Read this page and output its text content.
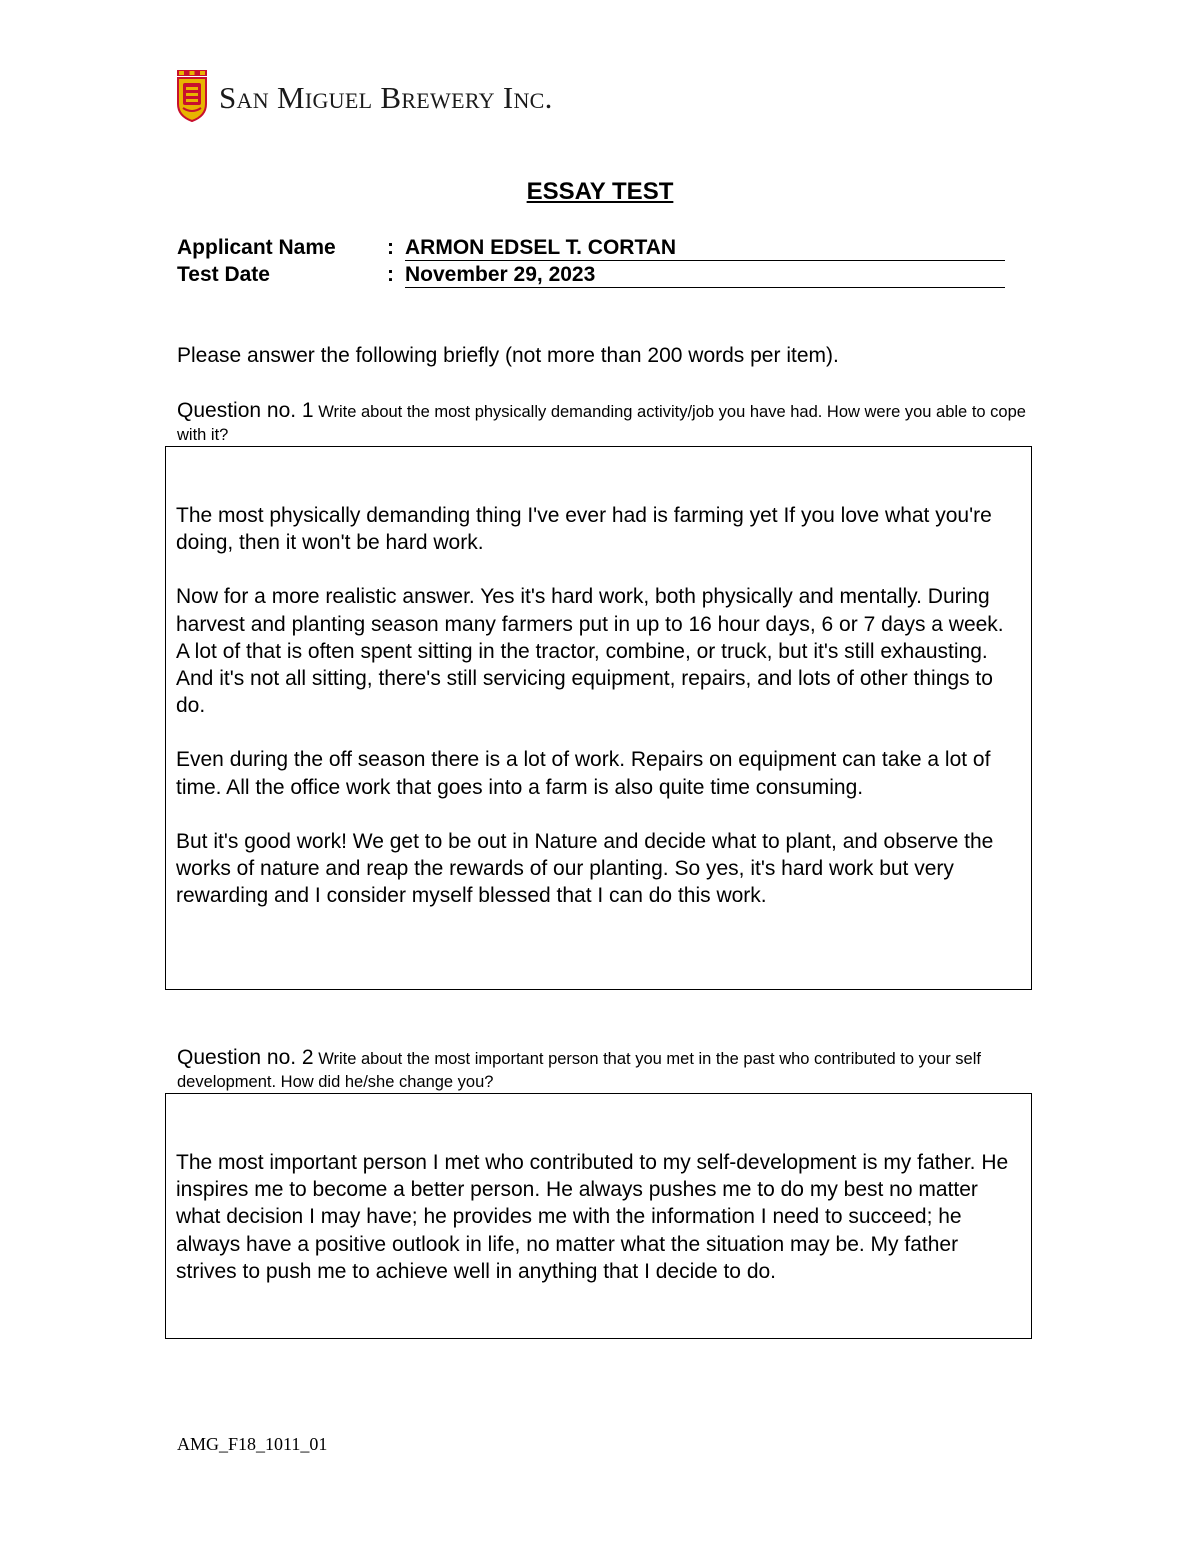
San Miguel Brewery Inc.
ESSAY TEST
Applicant Name : ARMON EDSEL T. CORTAN
Test Date	: November 29, 2023
Please answer the following briefly (not more than 200 words per item).
Question no. 1 Write about the most physically demanding activity/job you have had. How were you able to cope with it?

The most physically demanding thing I've ever had is farming yet If you love what you're doing, then it won't be hard work.

Now for a more realistic answer. Yes it's hard work, both physically and mentally. During harvest and planting season many farmers put in up to 16 hour days, 6 or 7 days a week. A lot of that is often spent sitting in the tractor, combine, or truck, but it's still exhausting. And it's not all sitting, there's still servicing equipment, repairs, and lots of other things to do.

Even during the off season there is a lot of work. Repairs on equipment can take a lot of time. All the office work that goes into a farm is also quite time consuming.

But it's good work! We get to be out in Nature and decide what to plant, and observe the works of nature and reap the rewards of our planting. So yes, it's hard work but very rewarding and I consider myself blessed that I can do this work.

Question no. 2 Write about the most important person that you met in the past who contributed to your self development. How did he/she change you?

The most important person I met who contributed to my self-development is my father. He inspires me to become a better person. He always pushes me to do my best no matter what decision I may have; he provides me with the information I need to succeed; he always have a positive outlook in life, no matter what the situation may be. My father strives to push me to achieve well in anything that I decide to do.

AMG_F18_1011_01
